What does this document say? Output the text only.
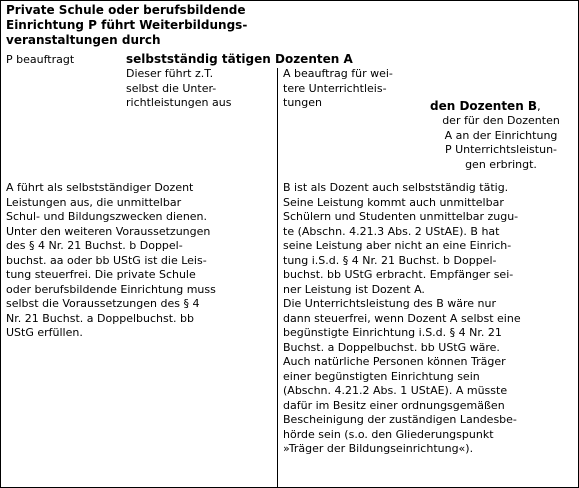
Private Schule oder berufsbildende
Einrichtung P führt Weiterbildungs-
veranstaltungen durch
P beauftragt	selbstständig tätigen Dozenten A
Dieser führt z.T.
selbst die Unter-
richtleistungen aus
A beauftrag für wei-
tere Unterrichtleis-
tungen	den Dozenten B,
der für den Dozenten
A an der Einrichtung
P Unterrichtsleistun-
gen erbringt.
A führt als selbstständiger Dozent
Leistungen aus, die unmittelbar
Schul- und Bildungszwecken dienen.
Unter den weiteren Voraussetzungen
des § 4 Nr. 21 Buchst. b Doppel-
buchst. aa oder bb UStG ist die Leis-
tung steuerfrei. Die private Schule
oder berufsbildende Einrichtung muss
selbst die Voraussetzungen des § 4
Nr. 21 Buchst. a Doppelbuchst. bb
UStG erfüllen.
B ist als Dozent auch selbstständig tätig.
Seine Leistung kommt auch unmittelbar
Schülern und Studenten unmittelbar zugu-
te (Abschn. 4.21.3 Abs. 2 UStAE). B hat
seine Leistung aber nicht an eine Einrich-
tung i.S.d. § 4 Nr. 21 Buchst. b Doppel-
buchst. bb UStG erbracht. Empfänger sei-
ner Leistung ist Dozent A.
Die Unterrichtsleistung des B wäre nur
dann steuerfrei, wenn Dozent A selbst eine
begünstigte Einrichtung i.S.d. § 4 Nr. 21
Buchst. a Doppelbuchst. bb UStG wäre.
Auch natürliche Personen können Träger
einer begünstigten Einrichtung sein
(Abschn. 4.21.2 Abs. 1 UStAE). A müsste
dafür im Besitz einer ordnungsgemäßen
Bescheinigung der zuständigen Landesbe-
hörde sein (s.o. den Gliederungspunkt
»Träger der Bildungseinrichtung«).
